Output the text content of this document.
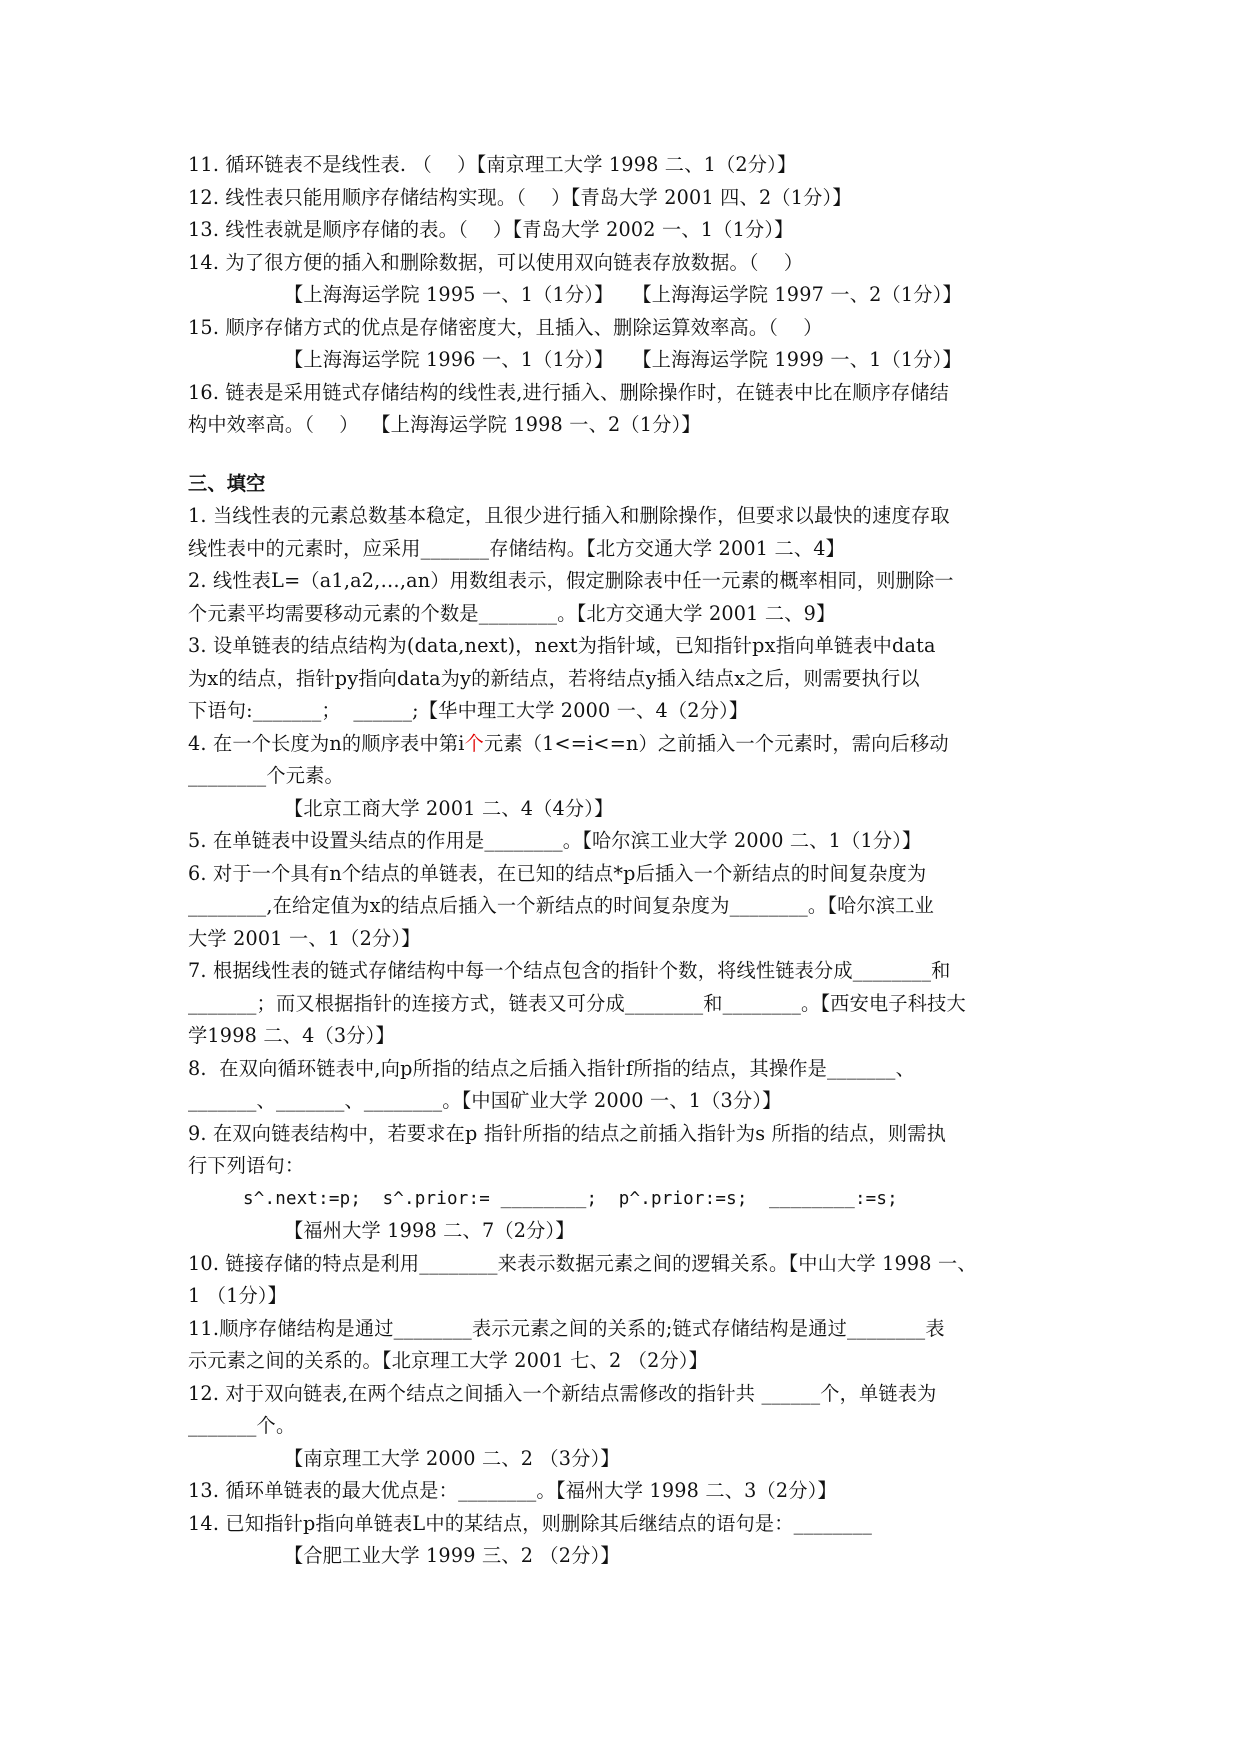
11. 循环链表不是线性表. （    ）【南京理工大学 1998 二、1（2分）】
12. 线性表只能用顺序存储结构实现。（    ）【青岛大学 2001 四、2（1分）】
13. 线性表就是顺序存储的表。（    ）【青岛大学 2002 一、1（1分）】
14. 为了很方便的插入和删除数据，可以使用双向链表存放数据。（    ）
【上海海运学院 1995 一、1（1分）】   【上海海运学院 1997 一、2（1分）】
15. 顺序存储方式的优点是存储密度大，且插入、删除运算效率高。（    ）
【上海海运学院 1996 一、1（1分）】   【上海海运学院 1999 一、1（1分）】
16. 链表是采用链式存储结构的线性表,进行插入、删除操作时，在链表中比在顺序存储结
构中效率高。（    ）  【上海海运学院 1998 一、2（1分）】
三、填空
1. 当线性表的元素总数基本稳定，且很少进行插入和删除操作，但要求以最快的速度存取
线性表中的元素时，应采用_______存储结构。【北方交通大学 2001 二、4】
2. 线性表L=（a1,a2,…,an）用数组表示，假定删除表中任一元素的概率相同，则删除一
个元素平均需要移动元素的个数是________。【北方交通大学 2001 二、9】
3. 设单链表的结点结构为(data,next)，next为指针域，已知指针px指向单链表中data
为x的结点，指针py指向data为y的新结点，若将结点y插入结点x之后，则需要执行以
下语句:_______；  ______;【华中理工大学 2000 一、4（2分）】
4. 在一个长度为n的顺序表中第i个元素（1<=i<=n）之前插入一个元素时，需向后移动
________个元素。
【北京工商大学 2001 二、4（4分）】
5. 在单链表中设置头结点的作用是________。【哈尔滨工业大学 2000 二、1（1分）】
6. 对于一个具有n个结点的单链表，在已知的结点*p后插入一个新结点的时间复杂度为
________,在给定值为x的结点后插入一个新结点的时间复杂度为________。【哈尔滨工业
大学 2001 一、1（2分）】
7. 根据线性表的链式存储结构中每一个结点包含的指针个数，将线性链表分成________和
_______；而又根据指针的连接方式，链表又可分成________和________。【西安电子科技大
学1998 二、4（3分）】
8.  在双向循环链表中,向p所指的结点之后插入指针f所指的结点，其操作是_______、
_______、_______、________。【中国矿业大学 2000 一、1（3分）】
9. 在双向链表结构中，若要求在p 指针所指的结点之前插入指针为s 所指的结点，则需执
行下列语句：
s^.next:=p;  s^.prior:= ________;  p^.prior:=s;  ________:=s;
【福州大学 1998 二、7（2分）】
10. 链接存储的特点是利用________来表示数据元素之间的逻辑关系。【中山大学 1998 一、
1 （1分）】
11.顺序存储结构是通过________表示元素之间的关系的;链式存储结构是通过________表
示元素之间的关系的。【北京理工大学 2001 七、2 （2分）】
12. 对于双向链表,在两个结点之间插入一个新结点需修改的指针共 ______个，单链表为
_______个。
【南京理工大学 2000 二、2 （3分）】
13. 循环单链表的最大优点是：________。【福州大学 1998 二、3（2分）】
14. 已知指针p指向单链表L中的某结点，则删除其后继结点的语句是：________
【合肥工业大学 1999 三、2 （2分）】
